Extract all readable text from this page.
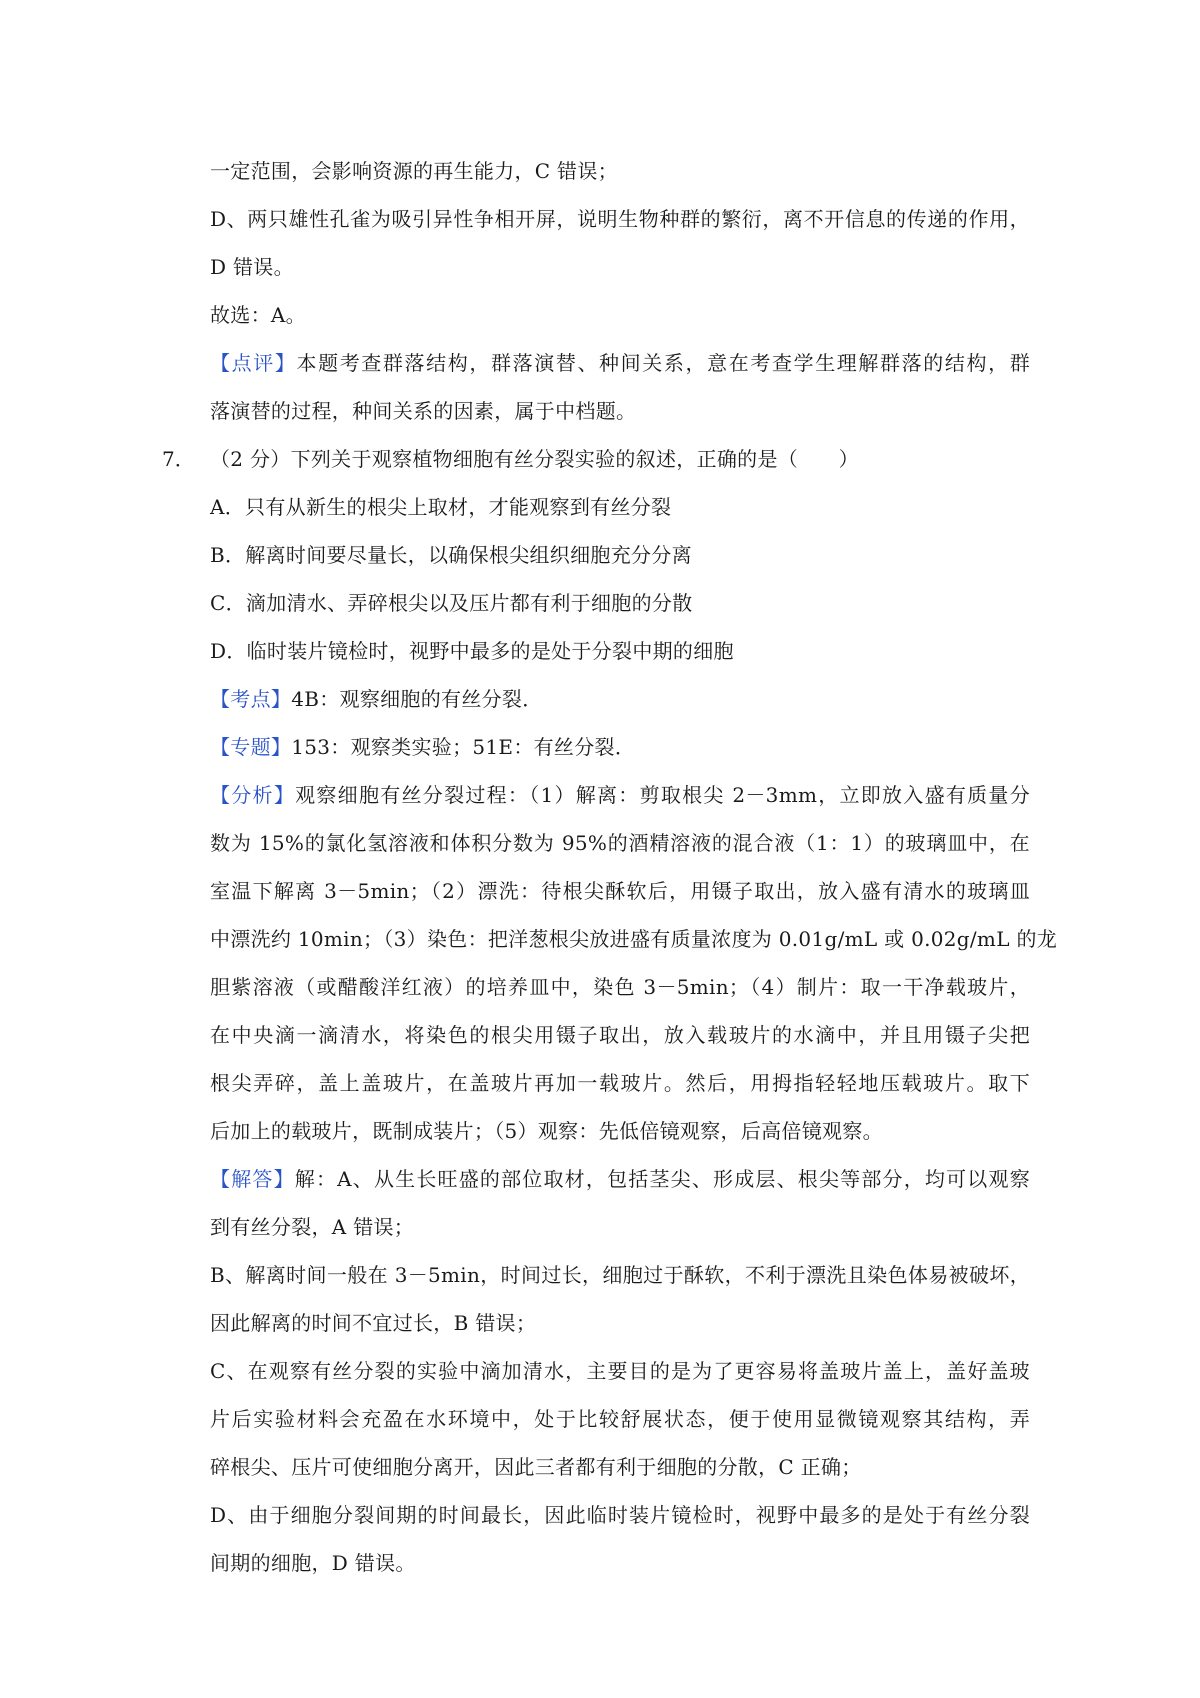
一定范围，会影响资源的再生能力，C 错误；
D、两只雄性孔雀为吸引异性争相开屏，说明生物种群的繁衍，离不开信息的传递的作用，
D 错误。
故选：A。
【点评】本题考查群落结构，群落演替、种间关系，意在考查学生理解群落的结构，群
落演替的过程，种间关系的因素，属于中档题。
7． （2 分）下列关于观察植物细胞有丝分裂实验的叙述，正确的是（　　）
A．只有从新生的根尖上取材，才能观察到有丝分裂
B．解离时间要尽量长，以确保根尖组织细胞充分分离
C．滴加清水、弄碎根尖以及压片都有利于细胞的分散
D．临时装片镜检时，视野中最多的是处于分裂中期的细胞
【考点】4B：观察细胞的有丝分裂．
【专题】153：观察类实验；51E：有丝分裂．
【分析】观察细胞有丝分裂过程：（1）解离：剪取根尖 2－3mm，立即放入盛有质量分
数为 15%的氯化氢溶液和体积分数为 95%的酒精溶液的混合液（1：1）的玻璃皿中，在
室温下解离 3－5min；（2）漂洗：待根尖酥软后，用镊子取出，放入盛有清水的玻璃皿
中漂洗约 10min；（3）染色：把洋葱根尖放进盛有质量浓度为 0.01g/mL 或 0.02g/mL 的龙
胆紫溶液（或醋酸洋红液）的培养皿中，染色 3－5min；（4）制片：取一干净载玻片，
在中央滴一滴清水，将染色的根尖用镊子取出，放入载玻片的水滴中，并且用镊子尖把
根尖弄碎，盖上盖玻片，在盖玻片再加一载玻片。然后，用拇指轻轻地压载玻片。取下
后加上的载玻片，既制成装片；（5）观察：先低倍镜观察，后高倍镜观察。
【解答】解：A、从生长旺盛的部位取材，包括茎尖、形成层、根尖等部分，均可以观察
到有丝分裂，A 错误；
B、解离时间一般在 3－5min，时间过长，细胞过于酥软，不利于漂洗且染色体易被破坏，
因此解离的时间不宜过长，B 错误；
C、在观察有丝分裂的实验中滴加清水，主要目的是为了更容易将盖玻片盖上，盖好盖玻
片后实验材料会充盈在水环境中，处于比较舒展状态，便于使用显微镜观察其结构，弄
碎根尖、压片可使细胞分离开，因此三者都有利于细胞的分散，C 正确；
D、由于细胞分裂间期的时间最长，因此临时装片镜检时，视野中最多的是处于有丝分裂
间期的细胞，D 错误。
